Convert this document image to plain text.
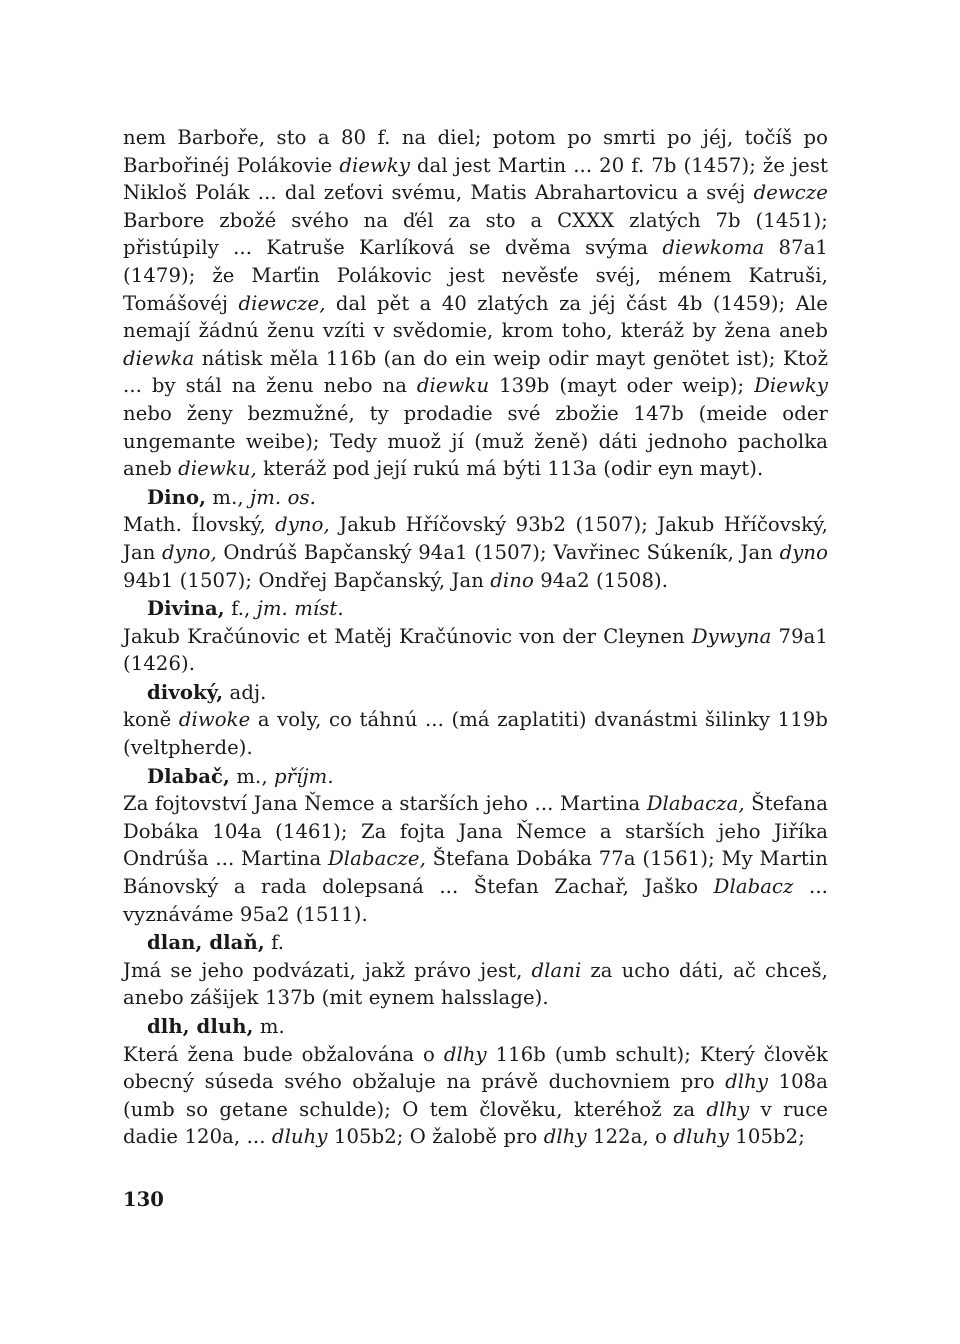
nem Barboře, sto a 80 f. na diel; potom po smrti po jéj, točíš po Barbořinéj Polákovie diewky dal jest Martin ... 20 f. 7b (1457); že jest Nikloš Polák ... dal zeťovi svému, Matis Abrahartovicu a svéj dewcze Barbore zbožé svého na ďél za sto a CXXX zlatých 7b (1451); přistúpily ... Katruše Karlíková se dvěma svýma diewkoma 87a1 (1479); že Marťin Polákovic jest nevěsťe svéj, ménem Katruši, Tomášovéj diewcze, dal pět a 40 zlatých za jéj část 4b (1459); Ale nemají žádnú ženu vzíti v svědomie, krom toho, kteráž by žena aneb diewka nátisk měla 116b (an do ein weip odir mayt genötet ist); Ktož ... by stál na ženu nebo na diewku 139b (mayt oder weip); Diewky nebo ženy bezmužné, ty prodadie své zbožie 147b (meide oder ungemante weibe); Tedy muož jí (muž ženě) dáti jednoho pacholka aneb diewku, kteráž pod její rukú má býti 113a (odir eyn mayt).

Dino, m., jm. os.

Math. Ílovský, dyno, Jakub Hříčovský 93b2 (1507); Jakub Hříčovský, Jan dyno, Ondrúš Bapčanský 94a1 (1507); Vavřinec Súkeník, Jan dyno 94b1 (1507); Ondřej Bapčanský, Jan dino 94a2 (1508).

Divina, f., jm. míst.

Jakub Kračúnovic et Matěj Kračúnovic von der Cleynen Dywyna 79a1 (1426).

divoký, adj.

koně diwoke a voly, co táhnú ... (má zaplatiti) dvanástmi šilinky 119b (veltpherde).

Dlabač, m., příjm.

Za fojtovství Jana Ňemce a starších jeho ... Martina Dlabacza, Štefana Dobáka 104a (1461); Za fojta Jana Ňemce a starších jeho Jiříka Ondrúša ... Martina Dlabacze, Štefana Dobáka 77a (1561); My Martin Bánovský a rada dolepsaná ... Štefan Zachař, Jaško Dlabacz ... vyznáváme 95a2 (1511).

dlan, dlaň, f.

Jmá se jeho podvázati, jakž právo jest, dlani za ucho dáti, ač chceš, anebo zášijek 137b (mit eynem halsslage).

dlh, dluh, m.

Která žena bude obžalována o dlhy 116b (umb schult); Který člověk obecný súseda svého obžaluje na právě duchovniem pro dlhy 108a (umb so getane schulde); O tem člověku, kteréhož za dlhy v ruce dadie 120a, ... dluhy 105b2; O žalobě pro dlhy 122a, o dluhy 105b2;

130
